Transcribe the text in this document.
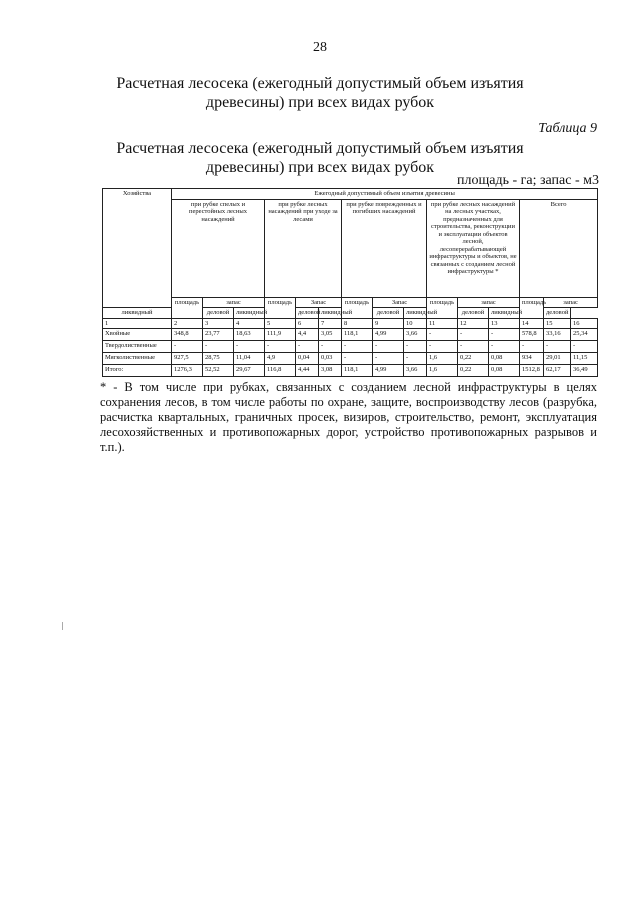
28
Расчетная лесосека (ежегодный допустимый объем изъятия древесины) при всех видах рубок
Таблица 9
Расчетная лесосека (ежегодный допустимый объем изъятия древесины) при всех видах рубок
площадь - га; запас - м3
Хозяйства	Ежегодный допустимый объем изъятия древесины														
	при рубке спелых и перестойных лесных насаждений			при рубке лесных насаждений при уходе за лесами			при рубке поврежденных и погибших насаждений			при рубке лесных насаждений на лесных участках, предназначенных для строительства, реконструкции и эксплуатации объектов лесной, лесоперерабатывающей инфраструктуры и объектов, не связанных с созданием лесной инфраструктуры *			Всего		
	площадь	запас		площадь	Запас		площадь	Запас		площадь	запас		площадь	запас	
ликвидный		деловой	ликвидный		деловой	ликвидный		деловой	ликвидный		деловой	ликвидный		деловой	
1	2	3	4	5	6	7	8	9	10	11	12	13	14	15	16
Хвойные	348,8	23,77	18,63	111,9	4,4	3,05	118,1	4,99	3,66	-	-	-	578,8	33,16	25,34
Твердолиственные	-	-	-	-	-	-	-	-	-	-	-	-	-	-	-
Мягколиственные	927,5	28,75	11,04	4,9	0,04	0,03	-	-	-	1,6	0,22	0,08	934	29,01	11,15
Итого:	1276,3	52,52	29,67	116,8	4,44	3,08	118,1	4,99	3,66	1,6	0,22	0,08	1512,8	62,17	36,49
* - В том числе при рубках, связанных с созданием лесной инфраструктуры в целях сохранения лесов, в том числе работы по охране, защите, воспроизводству лесов (разрубка, расчистка квартальных, граничных просек, визиров, строительство, ремонт, эксплуатация лесохозяйственных и противопожарных дорог, устройство противопожарных разрывов и т.п.).
